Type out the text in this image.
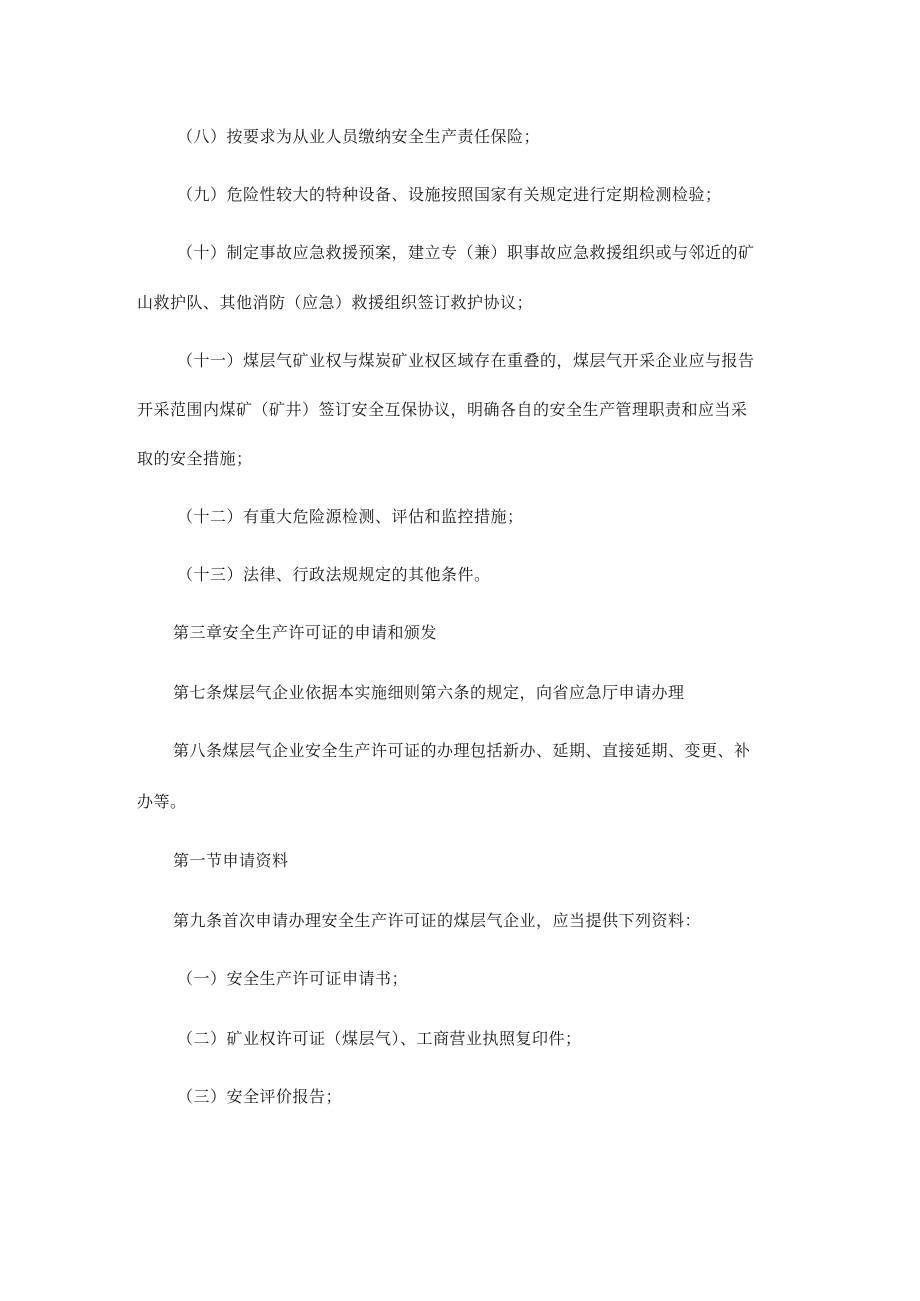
（八）按要求为从业人员缴纳安全生产责任保险；
（九）危险性较大的特种设备、设施按照国家有关规定进行定期检测检验；
（十）制定事故应急救援预案，建立专（兼）职事故应急救援组织或与邻近的矿
山救护队、其他消防（应急）救援组织签订救护协议；
（十一）煤层气矿业权与煤炭矿业权区域存在重叠的，煤层气开采企业应与报告
开采范围内煤矿（矿井）签订安全互保协议，明确各自的安全生产管理职责和应当采
取的安全措施；
（十二）有重大危险源检测、评估和监控措施；
（十三）法律、行政法规规定的其他条件。
第三章安全生产许可证的申请和颁发
第七条煤层气企业依据本实施细则第六条的规定，向省应急厅申请办理
第八条煤层气企业安全生产许可证的办理包括新办、延期、直接延期、变更、补
办等。
第一节申请资料
第九条首次申请办理安全生产许可证的煤层气企业，应当提供下列资料：
（一）安全生产许可证申请书；
（二）矿业权许可证（煤层气）、工商营业执照复印件；
（三）安全评价报告；
